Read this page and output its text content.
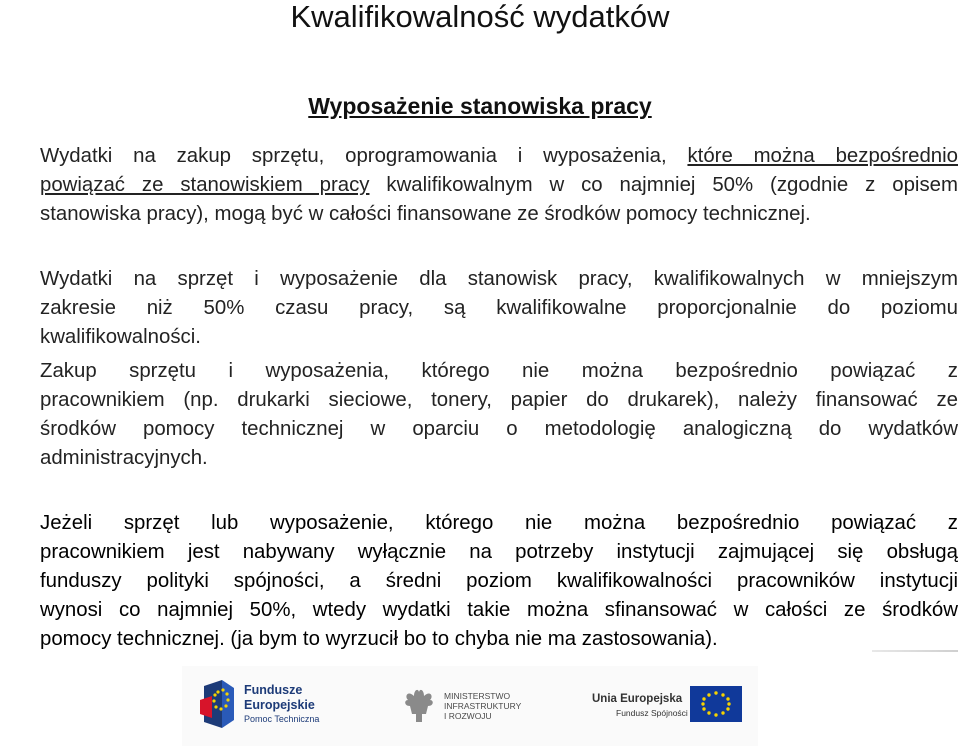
Kwalifikowalność wydatków
Wyposażenie stanowiska pracy
Wydatki na zakup sprzętu, oprogramowania i wyposażenia, które można bezpośrednio
powiązać ze stanowiskiem pracy kwalifikowalnym w co najmniej 50% (zgodnie z opisem
stanowiska pracy), mogą być w całości finansowane ze środków pomocy technicznej.
Wydatki na sprzęt i wyposażenie dla stanowisk pracy, kwalifikowalnych w mniejszym
zakresie niż 50% czasu pracy, są kwalifikowalne proporcjonalnie do poziomu
kwalifikowalności.
Zakup sprzętu i wyposażenia, którego nie można bezpośrednio powiązać z
pracownikiem (np. drukarki sieciowe, tonery, papier do drukarek), należy finansować ze
środków pomocy technicznej w oparciu o metodologię analogiczną do wydatków
administracyjnych.
Jeżeli sprzęt lub wyposażenie, którego nie można bezpośrednio powiązać z
pracownikiem jest nabywany wyłącznie na potrzeby instytucji zajmującej się obsługą
funduszy polityki spójności, a średni poziom kwalifikowalności pracowników instytucji
wynosi co najmniej 50%, wtedy wydatki takie można sfinansować w całości ze środków
pomocy technicznej. (ja bym to wyrzucił bo to chyba nie ma zastosowania).
Fundusze
Europejskie
Pomoc Techniczna
MINISTERSTWO
INFRASTRUKTURY
I ROZWOJU
Unia Europejska
Fundusz Spójności
